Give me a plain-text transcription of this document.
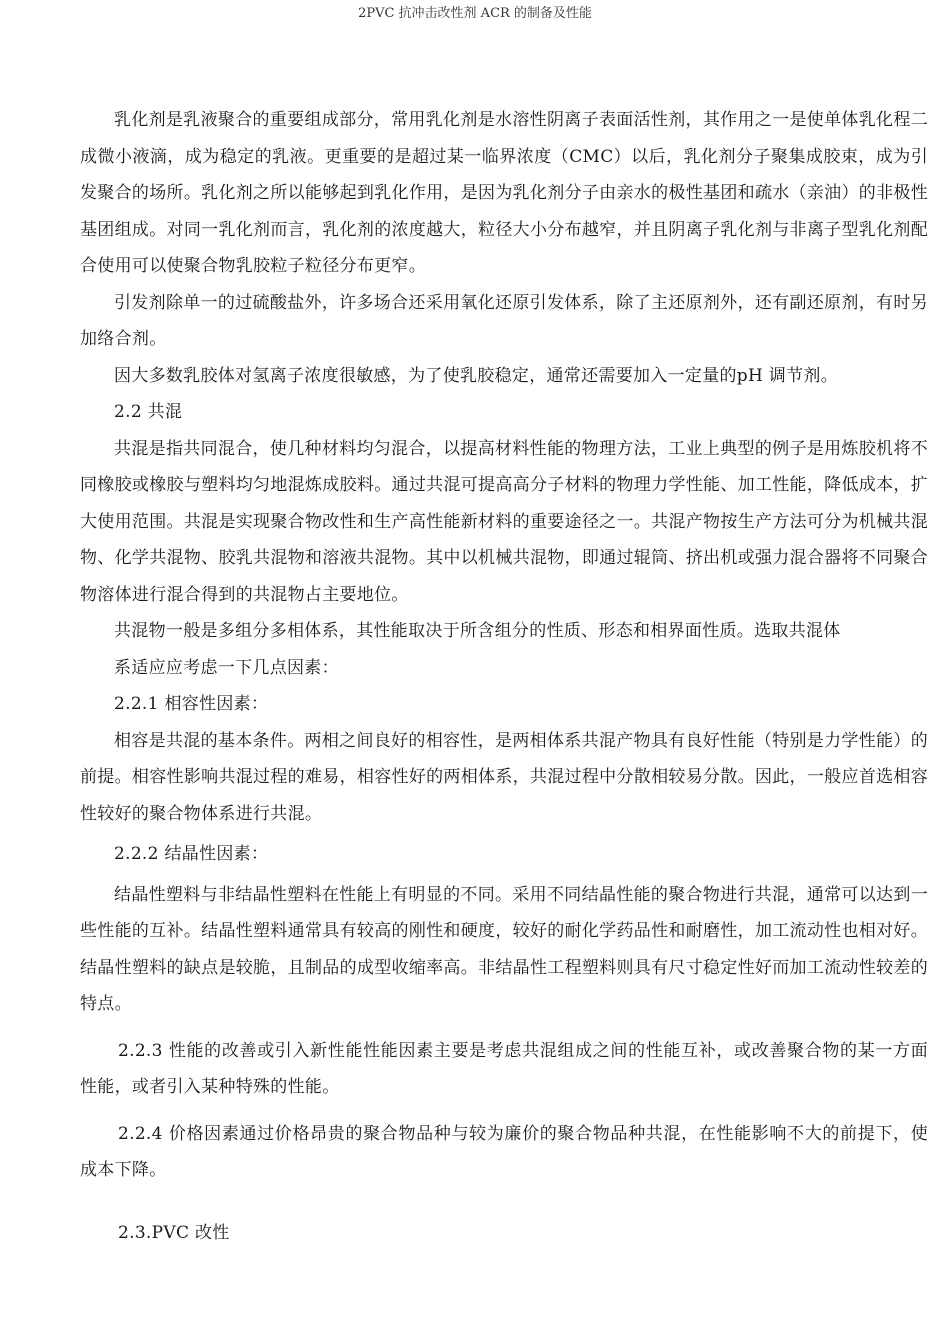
2PVC 抗冲击改性剂 ACR 的制备及性能

乳化剂是乳液聚合的重要组成部分，常用乳化剂是水溶性阴离子表面活性剂，其作用之一是使单体乳化程二成微小液滴，成为稳定的乳液。更重要的是超过某一临界浓度（CMC）以后，乳化剂分子聚集成胶束，成为引发聚合的场所。乳化剂之所以能够起到乳化作用，是因为乳化剂分子由亲水的极性基团和疏水（亲油）的非极性基团组成。对同一乳化剂而言，乳化剂的浓度越大，粒径大小分布越窄，并且阴离子乳化剂与非离子型乳化剂配合使用可以使聚合物乳胶粒子粒径分布更窄。

引发剂除单一的过硫酸盐外，许多场合还采用氧化还原引发体系，除了主还原剂外，还有副还原剂，有时另加络合剂。

因大多数乳胶体对氢离子浓度很敏感，为了使乳胶稳定，通常还需要加入一定量的pH 调节剂。

2.2 共混

共混是指共同混合，使几种材料均匀混合，以提高材料性能的物理方法，工业上典型的例子是用炼胶机将不同橡胶或橡胶与塑料均匀地混炼成胶料。通过共混可提高高分子材料的物理力学性能、加工性能，降低成本，扩大使用范围。共混是实现聚合物改性和生产高性能新材料的重要途径之一。共混产物按生产方法可分为机械共混物、化学共混物、胶乳共混物和溶液共混物。其中以机械共混物，即通过辊筒、挤出机或强力混合器将不同聚合物溶体进行混合得到的共混物占主要地位。

共混物一般是多组分多相体系，其性能取决于所含组分的性质、形态和相界面性质。选取共混体

系适应应考虑一下几点因素：

2.2.1 相容性因素：

相容是共混的基本条件。两相之间良好的相容性，是两相体系共混产物具有良好性能（特别是力学性能）的前提。相容性影响共混过程的难易，相容性好的两相体系，共混过程中分散相较易分散。因此，一般应首选相容性较好的聚合物体系进行共混。

2.2.2 结晶性因素：

结晶性塑料与非结晶性塑料在性能上有明显的不同。采用不同结晶性能的聚合物进行共混，通常可以达到一些性能的互补。结晶性塑料通常具有较高的刚性和硬度，较好的耐化学药品性和耐磨性，加工流动性也相对好。结晶性塑料的缺点是较脆，且制品的成型收缩率高。非结晶性工程塑料则具有尺寸稳定性好而加工流动性较差的特点。

2.2.3 性能的改善或引入新性能性能因素主要是考虑共混组成之间的性能互补，或改善聚合物的某一方面性能，或者引入某种特殊的性能。

2.2.4 价格因素通过价格昂贵的聚合物品种与较为廉价的聚合物品种共混，在性能影响不大的前提下，使成本下降。

2.3.PVC 改性
